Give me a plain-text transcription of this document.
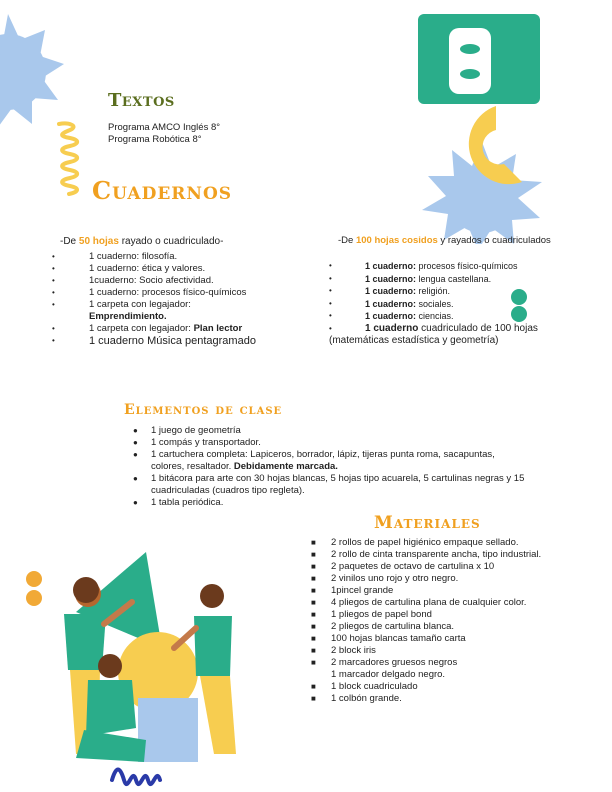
Textos
Programa AMCO Inglés 8°
Programa Robótica 8°
Cuadernos
-De 50 hojas rayado o cuadriculado-
•	1 cuaderno: filosofía.
•	1 cuaderno: ética y valores.
•	1cuaderno: Socio afectividad.
•	1 cuaderno: procesos físico-químicos
•	1 carpeta con legajador:
Emprendimiento.
•	1 carpeta con legajador: Plan lector
•	1 cuaderno Música pentagramado
-De 100 hojas cosidos y rayados o cuadriculados
•	1 cuaderno: procesos físico-químicos
•	1 cuaderno: lengua castellana.
•	1 cuaderno: religión.
•	1 cuaderno: sociales.
•	1 cuaderno: ciencias.
•	1 cuaderno cuadriculado de 100 hojas
(matemáticas estadística y geometría)
Elementos de clase
● 1 juego de geometría
● 1 compás y transportador.
● 1 cartuchera completa: Lapiceros, borrador, lápiz, tijeras punta roma, sacapuntas,
colores, resaltador. Debidamente marcada.
● 1 bitácora para arte con 30 hojas blancas, 5 hojas tipo acuarela, 5 cartulinas negras y 15
cuadriculadas (cuadros tipo regleta).
● 1 tabla periódica.
Materiales
■ 2 rollos de papel higiénico empaque sellado.
■ 2 rollo de cinta transparente ancha, tipo industrial.
■ 2 paquetes de octavo de cartulina x 10
■ 2 vinilos uno rojo y otro negro.
■ 1pincel grande
■ 4 pliegos de cartulina plana de cualquier color.
■ 1 pliegos de papel bond
■ 2 pliegos de cartulina blanca.
■ 100 hojas blancas tamaño carta
■ 2 block iris
■ 2 marcadores gruesos negros
1 marcador delgado negro.
■ 1 block cuadriculado
■ 1 colbón grande.
